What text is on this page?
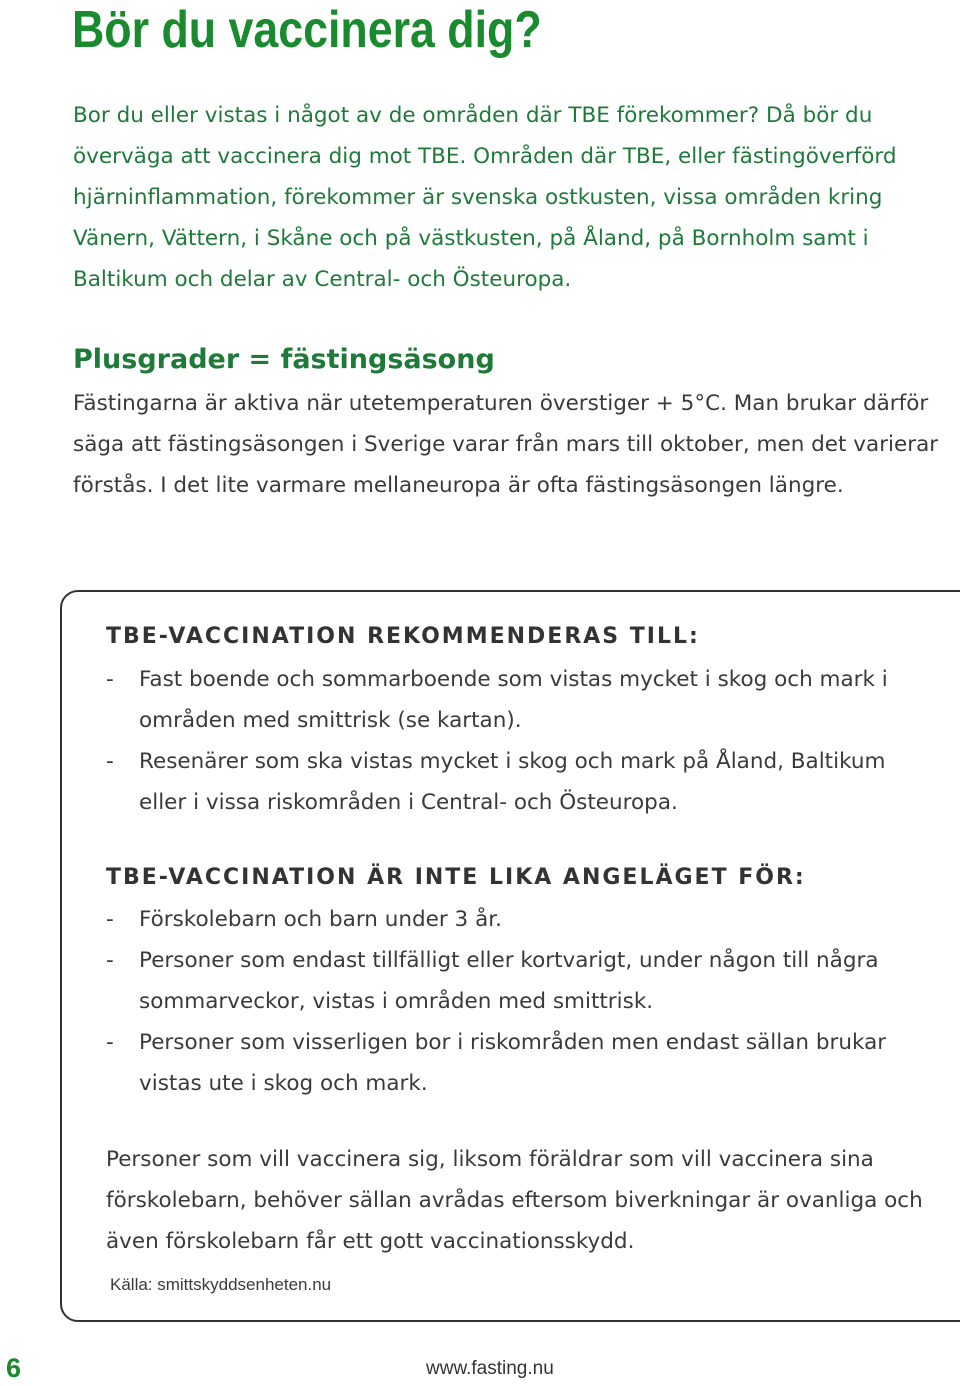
Bör du vaccinera dig?

Bor du eller vistas i något av de områden där TBE förekommer? Då bör du överväga att vaccinera dig mot TBE. Områden där TBE, eller fästingöverförd hjärninflammation, förekommer är svenska ostkusten, vissa områden kring Vänern, Vättern, i Skåne och på västkusten, på Åland, på Bornholm samt i Baltikum och delar av Central- och Östeuropa.

Plusgrader = fästingsäsong

Fästingarna är aktiva när utetemperaturen överstiger + 5°C. Man brukar därför säga att fästingsäsongen i Sverige varar från mars till oktober, men det varierar förstås. I det lite varmare mellaneuropa är ofta fästingsäsongen längre.

TBE-VACCINATION REKOMMENDERAS TILL:
- Fast boende och sommarboende som vistas mycket i skog och mark i områden med smittrisk (se kartan).
- Resenärer som ska vistas mycket i skog och mark på Åland, Baltikum eller i vissa riskområden i Central- och Östeuropa.
TBE-VACCINATION ÄR INTE LIKA ANGELÄGET FÖR:
- Förskolebarn och barn under 3 år.
- Personer som endast tillfälligt eller kortvarigt, under någon till några sommarveckor, vistas i områden med smittrisk.
- Personer som visserligen bor i riskområden men endast sällan brukar vistas ute i skog och mark.

Personer som vill vaccinera sig, liksom föräldrar som vill vaccinera sina förskolebarn, behöver sällan avrådas eftersom biverkningar är ovanliga och även förskolebarn får ett gott vaccinationsskydd.

Källa: smittskyddsenheten.nu

6	www.fasting.nu
